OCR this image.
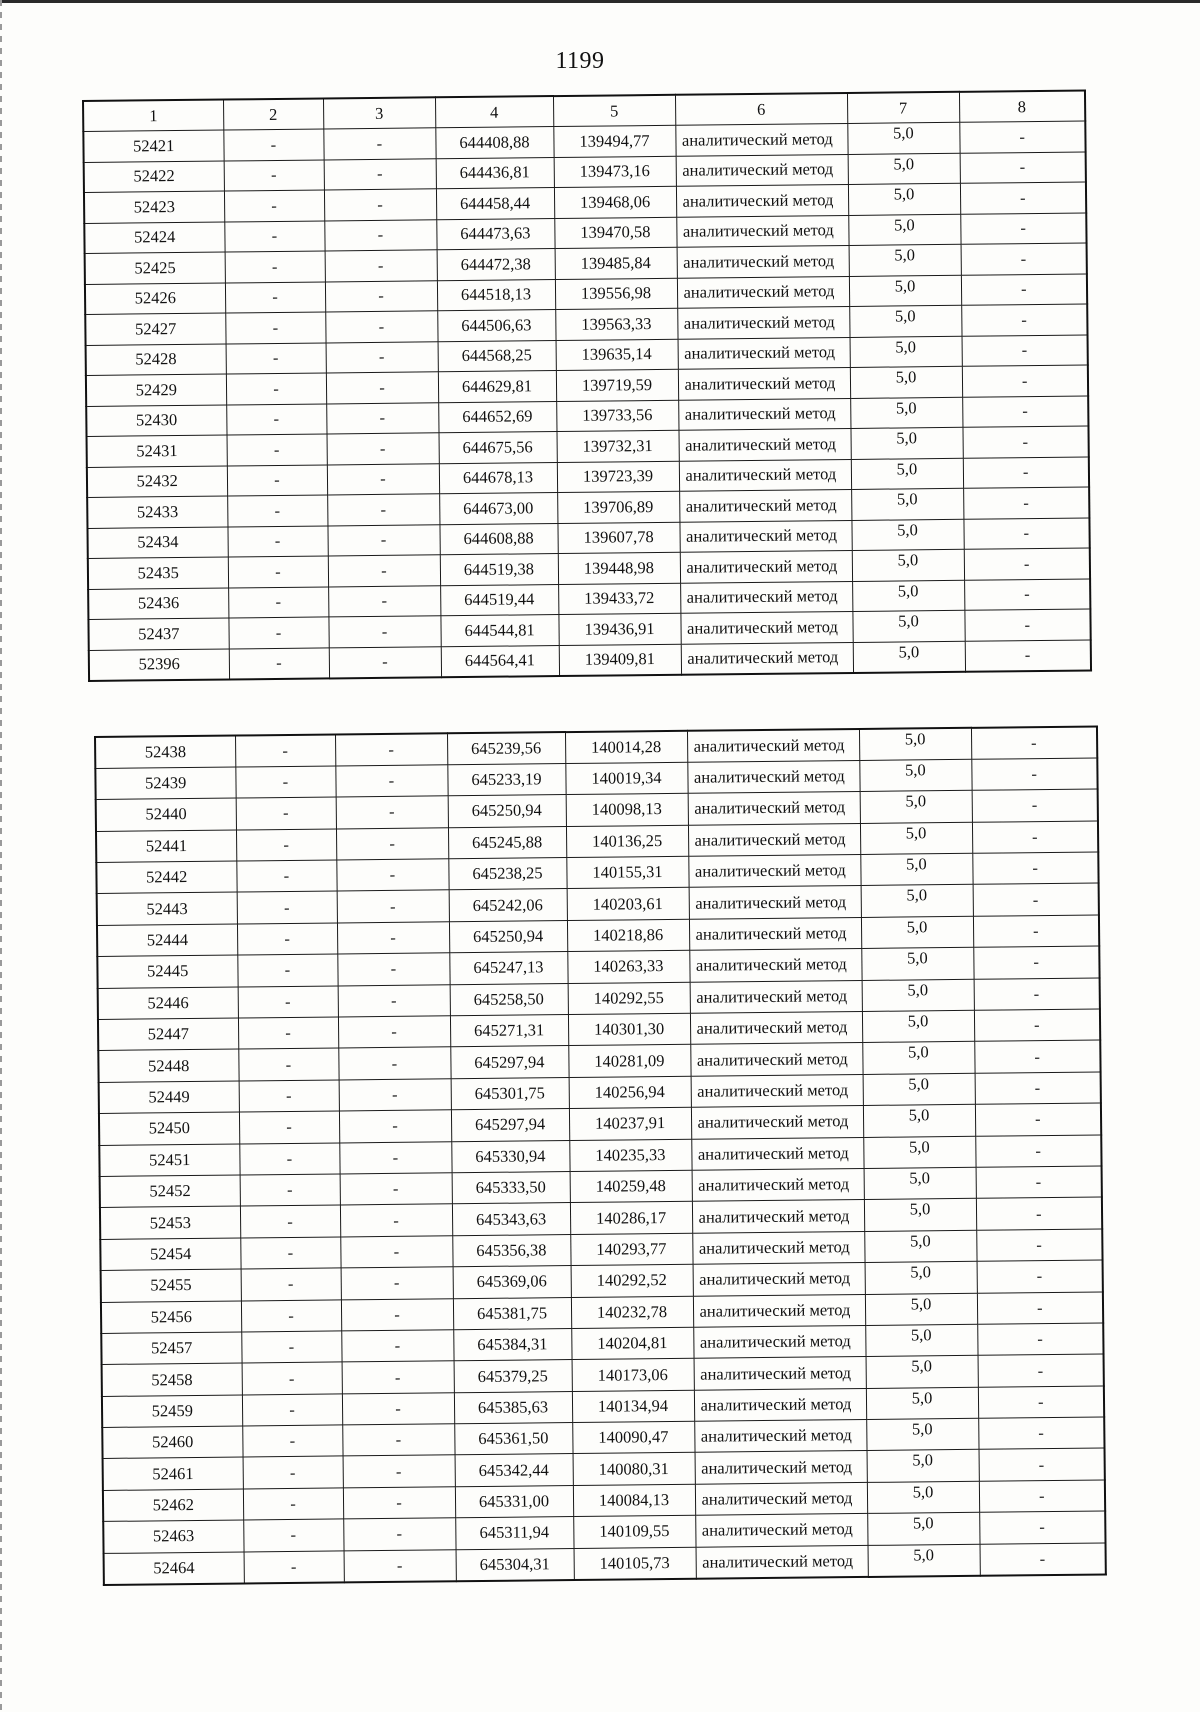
1199
1	2	3	4	5	6	7	8
52421	-	-	644408,88	139494,77	аналитический метод	5,0	-
52422	-	-	644436,81	139473,16	аналитический метод	5,0	-
52423	-	-	644458,44	139468,06	аналитический метод	5,0	-
52424	-	-	644473,63	139470,58	аналитический метод	5,0	-
52425	-	-	644472,38	139485,84	аналитический метод	5,0	-
52426	-	-	644518,13	139556,98	аналитический метод	5,0	-
52427	-	-	644506,63	139563,33	аналитический метод	5,0	-
52428	-	-	644568,25	139635,14	аналитический метод	5,0	-
52429	-	-	644629,81	139719,59	аналитический метод	5,0	-
52430	-	-	644652,69	139733,56	аналитический метод	5,0	-
52431	-	-	644675,56	139732,31	аналитический метод	5,0	-
52432	-	-	644678,13	139723,39	аналитический метод	5,0	-
52433	-	-	644673,00	139706,89	аналитический метод	5,0	-
52434	-	-	644608,88	139607,78	аналитический метод	5,0	-
52435	-	-	644519,38	139448,98	аналитический метод	5,0	-
52436	-	-	644519,44	139433,72	аналитический метод	5,0	-
52437	-	-	644544,81	139436,91	аналитический метод	5,0	-
52396	-	-	644564,41	139409,81	аналитический метод	5,0	-
52438	-	-	645239,56	140014,28	аналитический метод	5,0	-
52439	-	-	645233,19	140019,34	аналитический метод	5,0	-
52440	-	-	645250,94	140098,13	аналитический метод	5,0	-
52441	-	-	645245,88	140136,25	аналитический метод	5,0	-
52442	-	-	645238,25	140155,31	аналитический метод	5,0	-
52443	-	-	645242,06	140203,61	аналитический метод	5,0	-
52444	-	-	645250,94	140218,86	аналитический метод	5,0	-
52445	-	-	645247,13	140263,33	аналитический метод	5,0	-
52446	-	-	645258,50	140292,55	аналитический метод	5,0	-
52447	-	-	645271,31	140301,30	аналитический метод	5,0	-
52448	-	-	645297,94	140281,09	аналитический метод	5,0	-
52449	-	-	645301,75	140256,94	аналитический метод	5,0	-
52450	-	-	645297,94	140237,91	аналитический метод	5,0	-
52451	-	-	645330,94	140235,33	аналитический метод	5,0	-
52452	-	-	645333,50	140259,48	аналитический метод	5,0	-
52453	-	-	645343,63	140286,17	аналитический метод	5,0	-
52454	-	-	645356,38	140293,77	аналитический метод	5,0	-
52455	-	-	645369,06	140292,52	аналитический метод	5,0	-
52456	-	-	645381,75	140232,78	аналитический метод	5,0	-
52457	-	-	645384,31	140204,81	аналитический метод	5,0	-
52458	-	-	645379,25	140173,06	аналитический метод	5,0	-
52459	-	-	645385,63	140134,94	аналитический метод	5,0	-
52460	-	-	645361,50	140090,47	аналитический метод	5,0	-
52461	-	-	645342,44	140080,31	аналитический метод	5,0	-
52462	-	-	645331,00	140084,13	аналитический метод	5,0	-
52463	-	-	645311,94	140109,55	аналитический метод	5,0	-
52464	-	-	645304,31	140105,73	аналитический метод	5,0	-
